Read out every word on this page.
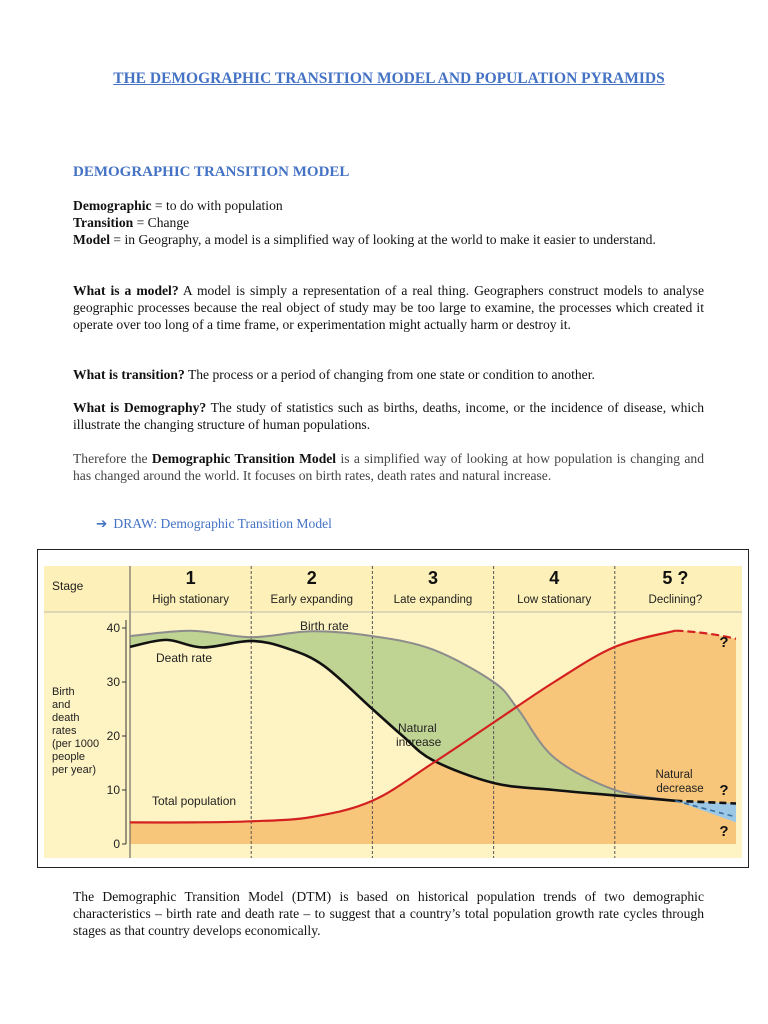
THE DEMOGRAPHIC TRANSITION MODEL AND POPULATION PYRAMIDS
DEMOGRAPHIC TRANSITION MODEL
Demographic = to do with population
Transition = Change
Model = in Geography, a model is a simplified way of looking at the world to make it easier to understand.
What is a model? A model is simply a representation of a real thing. Geographers construct models to analyse geographic processes because the real object of study may be too large to examine, the processes which created it operate over too long of a time frame, or experimentation might actually harm or destroy it.
What is transition? The process or a period of changing from one state or condition to another.
What is Demography? The study of statistics such as births, deaths, income, or the incidence of disease, which illustrate the changing structure of human populations.
Therefore the Demographic Transition Model is a simplified way of looking at how population is changing and has changed around the world. It focuses on birth rates, death rates and natural increase.
➔ DRAW: Demographic Transition Model
Stage	1
High stationary
2
Early expanding
3
Late expanding
4
Low stationary
5 ?
Declining?
0
10
20
30
40
Birth
and
death
rates
(per 1000
people
per year)
Birth rate
Death rate
Total population
Natural
increase
Natural
decrease
?
?
?
The Demographic Transition Model (DTM) is based on historical population trends of two demographic characteristics – birth rate and death rate – to suggest that a country’s total population growth rate cycles through stages as that country develops economically.
